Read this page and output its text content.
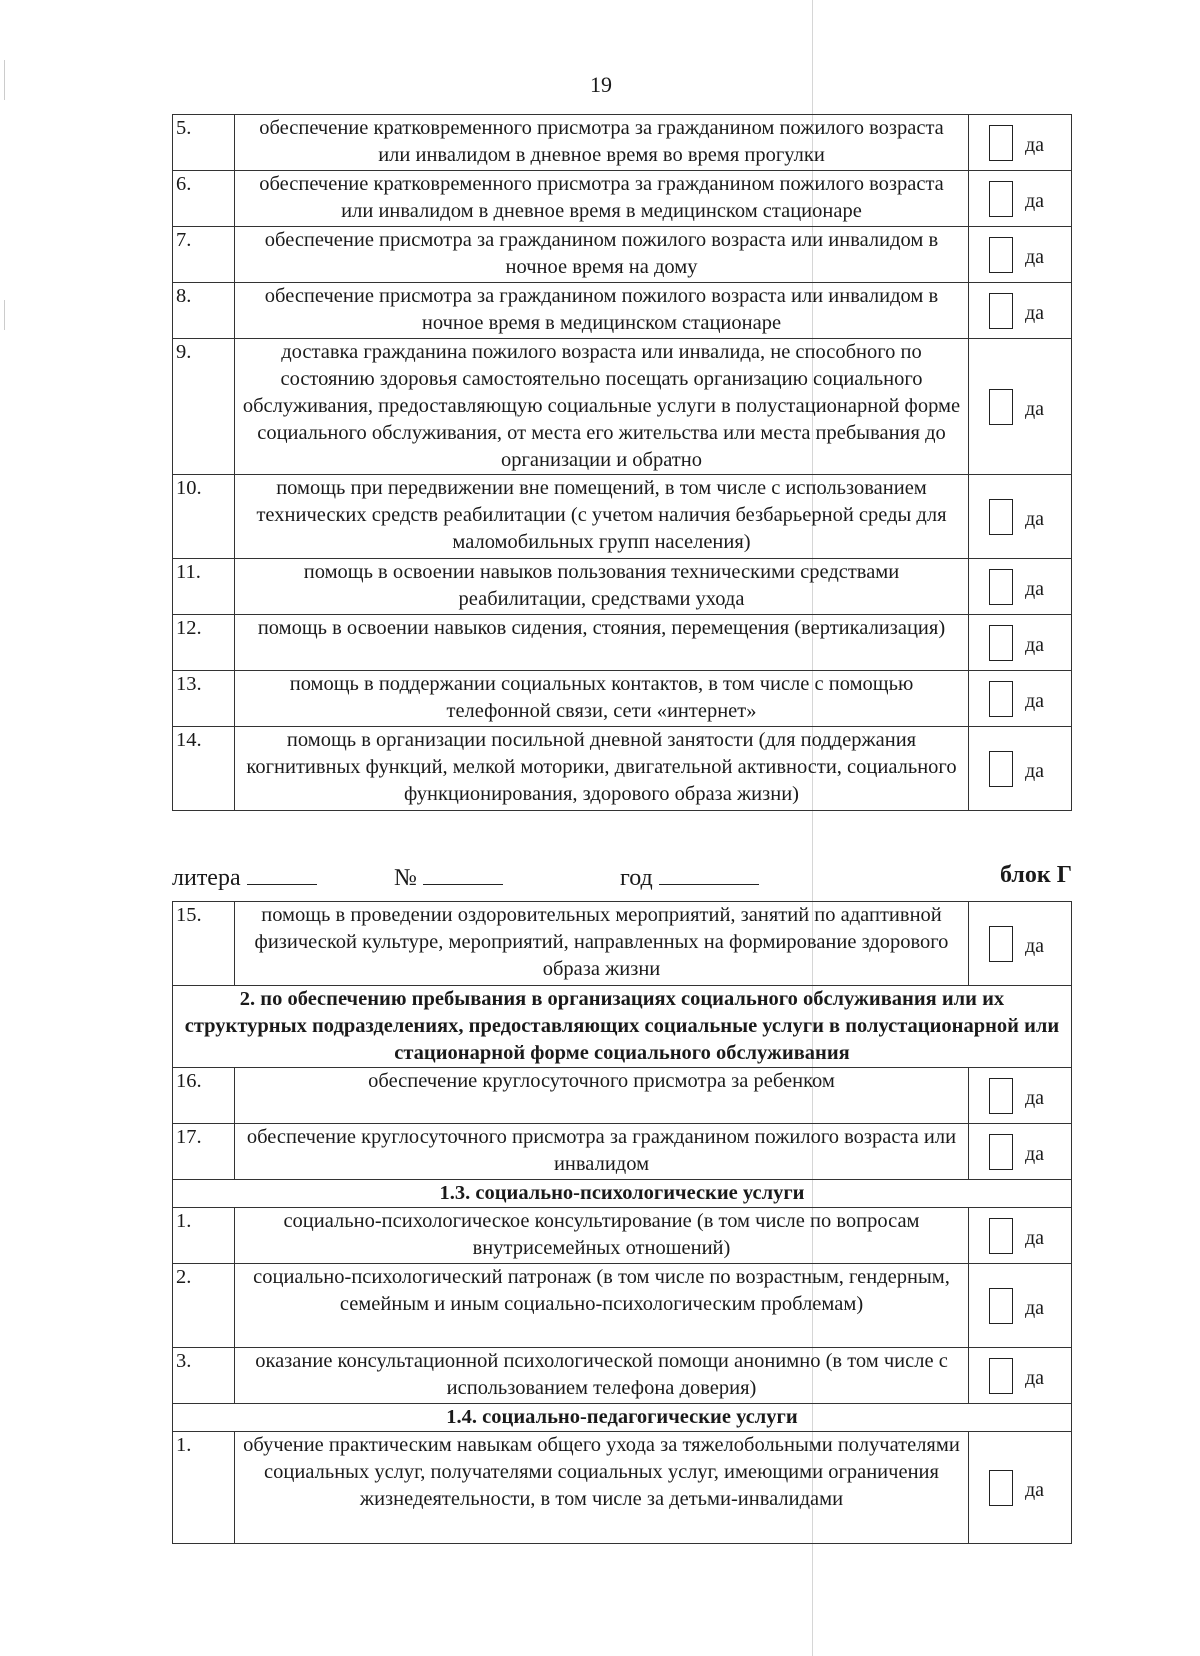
19
5.	обеспечение кратковременного присмотра за гражданином пожилого возраста или инвалидом в дневное время во время прогулки	да

6.	обеспечение кратковременного присмотра за гражданином пожилого возраста или инвалидом в дневное время в медицинском стационаре	да

7.	обеспечение присмотра за гражданином пожилого возраста или инвалидом в ночное время на дому	да

8.	обеспечение присмотра за гражданином пожилого возраста или инвалидом в ночное время в медицинском стационаре	да

9.	доставка гражданина пожилого возраста или инвалида, не способного по состоянию здоровья самостоятельно посещать организацию социального обслуживания, предоставляющую социальные услуги в полустационарной форме социального обслуживания, от места его жительства или места пребывания до организации и обратно	да

10.	помощь при передвижении вне помещений, в том числе с использованием технических средств реабилитации (с учетом наличия безбарьерной среды для маломобильных групп населения)	да

11.	помощь в освоении навыков пользования техническими средствами реабилитации, средствами ухода	да

12.	помощь в освоении навыков сидения, стояния, перемещения (вертикализация)	да

13.	помощь в поддержании социальных контактов, в том числе с помощью телефонной связи, сети «интернет»	да

14.	помощь в организации посильной дневной занятости (для поддержания когнитивных функций, мелкой моторики, двигательной активности, социального функционирования, здорового образа жизни)	да
литера	№	год	блок Г
15.	помощь в проведении оздоровительных мероприятий, занятий по адаптивной физической культуре, мероприятий, направленных на формирование здорового образа жизни	да

2. по обеспечению пребывания в организациях социального обслуживания или их структурных подразделениях, предоставляющих социальные услуги в полустационарной или стационарной форме социального обслуживания		
16.	обеспечение круглосуточного присмотра за ребенком	да

17.	обеспечение круглосуточного присмотра за гражданином пожилого возраста или инвалидом	да

1.3. социально-психологические услуги		
1.	социально-психологическое консультирование (в том числе по вопросам внутрисемейных отношений)	да

2.	социально-психологический патронаж (в том числе по возрастным, гендерным, семейным и иным социально-психологическим проблемам)	да

3.	оказание консультационной психологической помощи анонимно (в том числе с использованием телефона доверия)	да

1.4. социально-педагогические услуги		
1.	обучение практическим навыкам общего ухода за тяжелобольными получателями социальных услуг, получателями социальных услуг, имеющими ограничения жизнедеятельности, в том числе за детьми-инвалидами	да
